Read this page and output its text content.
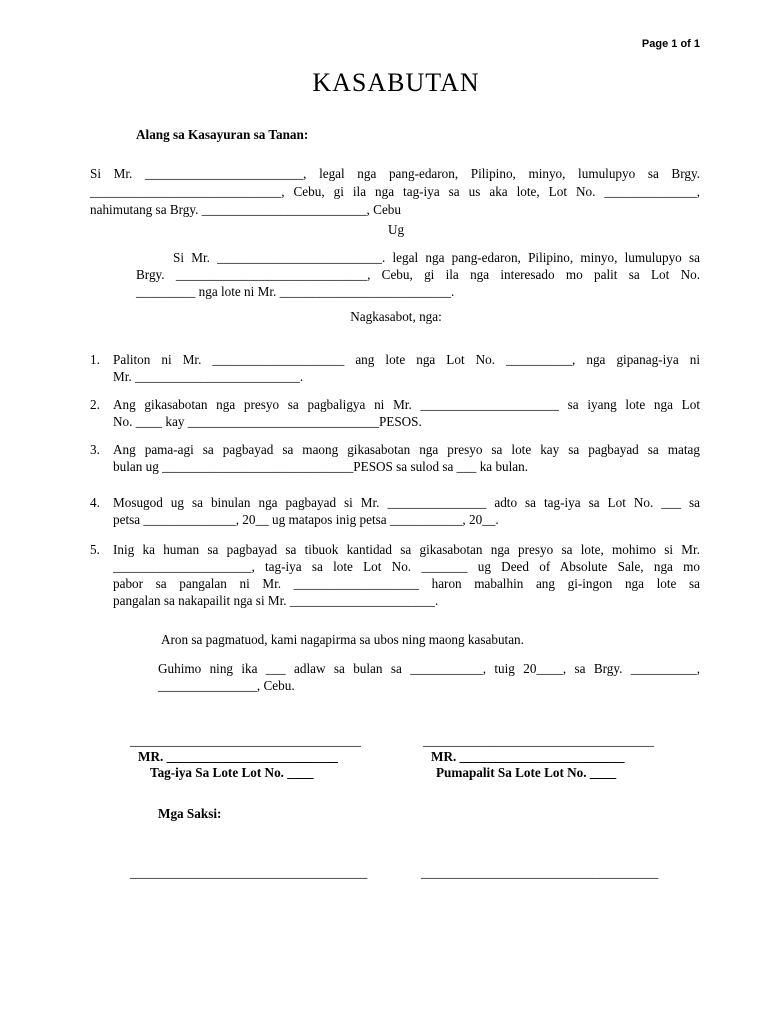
Page 1 of 1
KASABUTAN
Alang sa Kasayuran sa Tanan:
Si Mr. ________________________, legal nga pang-edaron, Pilipino, minyo, lumulupyo sa Brgy.
_____________________________, Cebu, gi ila nga tag-iya sa us aka lote, Lot No. ______________,
nahimutang sa Brgy. _________________________, Cebu
Ug
Si Mr. _________________________. legal nga pang-edaron, Pilipino, minyo, lumulupyo sa
Brgy. _____________________________, Cebu, gi ila nga interesado mo palit sa Lot No.
_________ nga lote ni Mr. __________________________.
Nagkasabot, nga:
1. Paliton ni Mr. ____________________ ang lote nga Lot No. __________, nga gipanag-iya ni
Mr. _________________________.
2. Ang gikasabotan nga presyo sa pagbaligya ni Mr. _____________________ sa iyang lote nga Lot
No. ____ kay _____________________________PESOS.
3. Ang pama-agi sa pagbayad sa maong gikasabotan nga presyo sa lote kay sa pagbayad sa matag
bulan ug _____________________________PESOS sa sulod sa ___ ka bulan.
4. Mosugod ug sa binulan nga pagbayad si Mr. _______________ adto sa tag-iya sa Lot No. ___ sa
petsa ______________, 20__ ug matapos inig petsa ___________, 20__.
5. Inig ka human sa pagbayad sa tibuok kantidad sa gikasabotan nga presyo sa lote, mohimo si Mr.
_____________________, tag-iya sa lote Lot No. _______ ug Deed of Absolute Sale, nga mo
pabor sa pangalan ni Mr. ___________________ haron mabalhin ang gi-ingon nga lote sa
pangalan sa nakapailit nga si Mr. ______________________.
Aron sa pagmatuod, kami nagapirma sa ubos ning maong kasabutan.
Guhimo ning ika ___ adlaw sa bulan sa ___________, tuig 20____, sa Brgy. __________,
_______________, Cebu.
___________________________________
MR. __________________________
Tag-iya Sa Lote Lot No. ____
___________________________________
MR. _________________________
Pumapalit Sa Lote Lot No. ____
Mga Saksi:
____________________________________	____________________________________
